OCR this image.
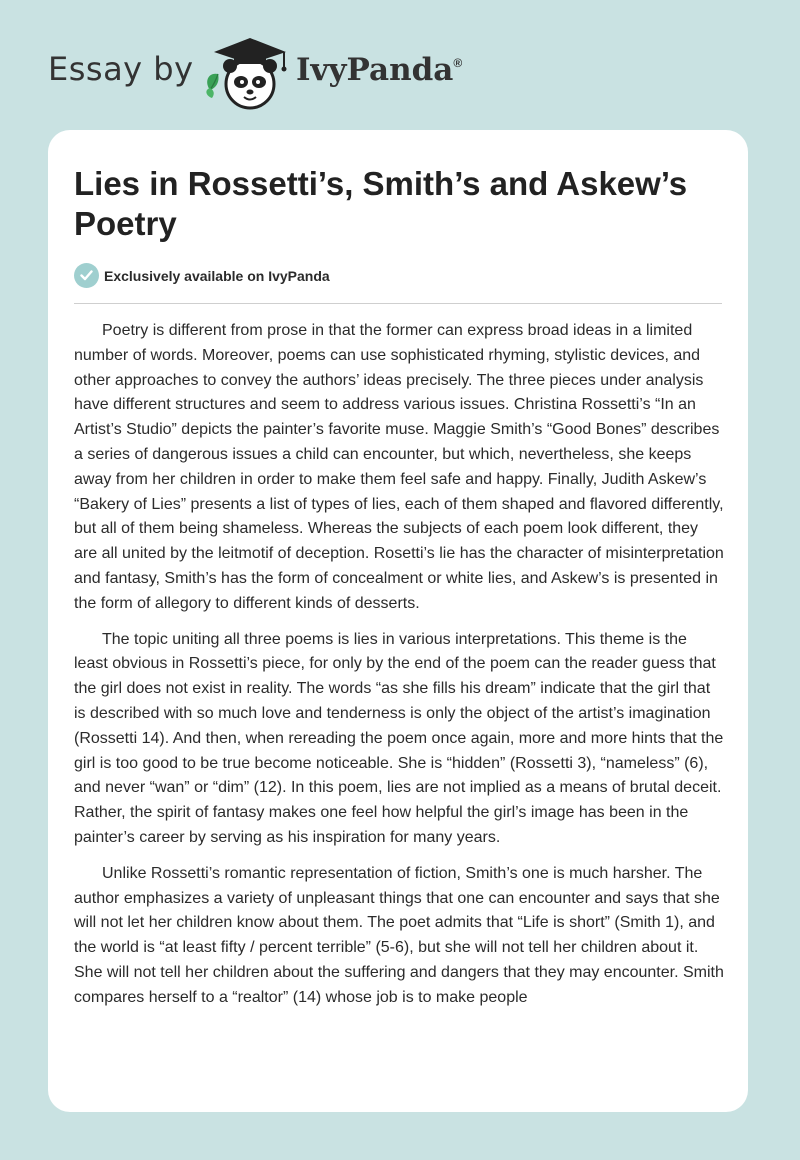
Essay by	IvyPanda®
Lies in Rossetti’s, Smith’s and Askew’s Poetry
Exclusively available on IvyPanda

Poetry is different from prose in that the former can express broad ideas in a limited number of words. Moreover, poems can use sophisticated rhyming, stylistic devices, and other approaches to convey the authors’ ideas precisely. The three pieces under analysis have different structures and seem to address various issues. Christina Rossetti’s “In an Artist’s Studio” depicts the painter’s favorite muse. Maggie Smith’s “Good Bones” describes a series of dangerous issues a child can encounter, but which, nevertheless, she keeps away from her children in order to make them feel safe and happy. Finally, Judith Askew’s “Bakery of Lies” presents a list of types of lies, each of them shaped and flavored differently, but all of them being shameless. Whereas the subjects of each poem look different, they are all united by the leitmotif of deception. Rosetti’s lie has the character of misinterpretation and fantasy, Smith’s has the form of concealment or white lies, and Askew’s is presented in the form of allegory to different kinds of desserts.

The topic uniting all three poems is lies in various interpretations. This theme is the least obvious in Rossetti’s piece, for only by the end of the poem can the reader guess that the girl does not exist in reality. The words “as she fills his dream” indicate that the girl that is described with so much love and tenderness is only the object of the artist’s imagination (Rossetti 14). And then, when rereading the poem once again, more and more hints that the girl is too good to be true become noticeable. She is “hidden” (Rossetti 3), “nameless” (6), and never “wan” or “dim” (12). In this poem, lies are not implied as a means of brutal deceit. Rather, the spirit of fantasy makes one feel how helpful the girl’s image has been in the painter’s career by serving as his inspiration for many years.

Unlike Rossetti’s romantic representation of fiction, Smith’s one is much harsher. The author emphasizes a variety of unpleasant things that one can encounter and says that she will not let her children know about them. The poet admits that “Life is short” (Smith 1), and the world is “at least fifty / percent terrible” (5-6), but she will not tell her children about it. She will not tell her children about the suffering and dangers that they may encounter. Smith compares herself to a “realtor” (14) whose job is to make people
